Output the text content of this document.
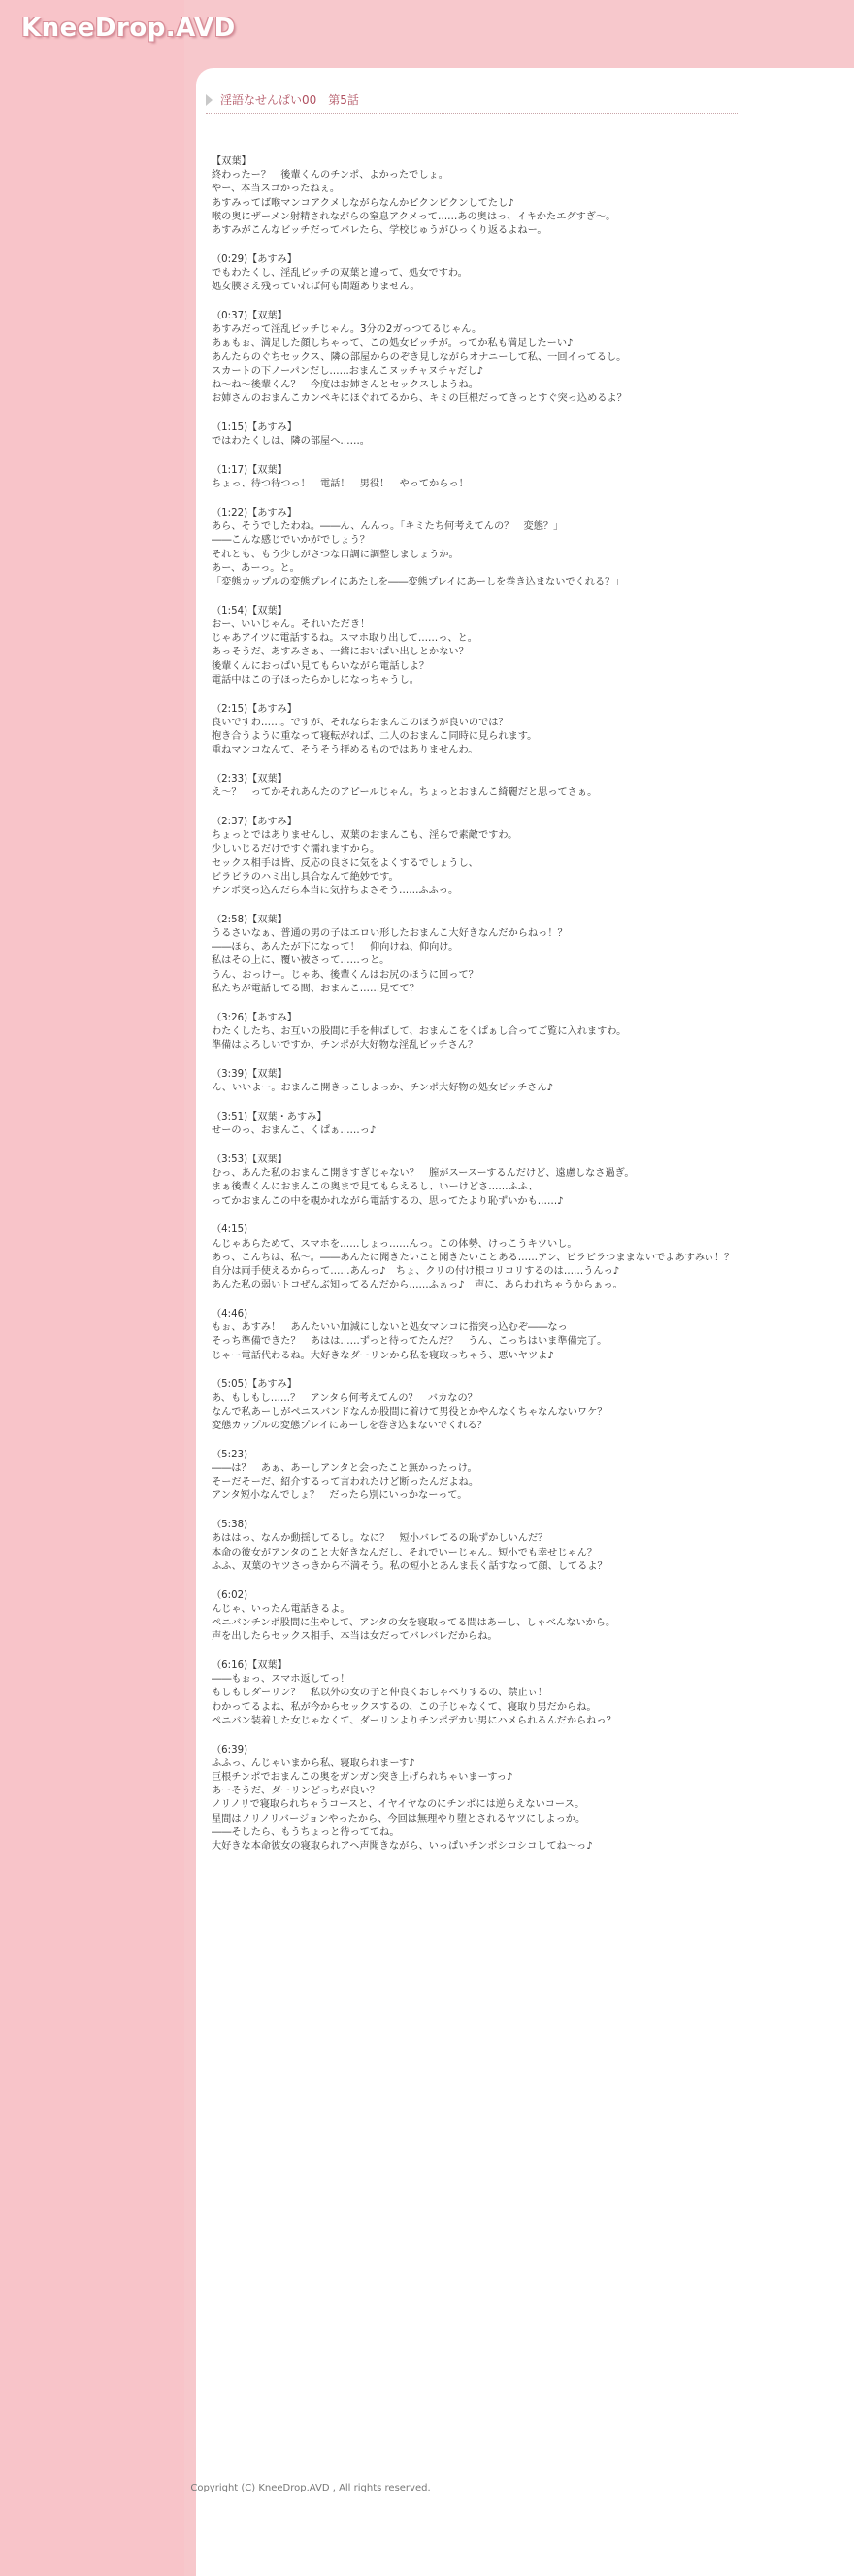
KneeDrop.AVD
淫語なせんぱい00　第5話
【双葉】
終わったー？　後輩くんのチンポ、よかったでしょ。
やー、本当スゴかったねぇ。
あすみってば喉マンコアクメしながらなんかピクンピクンしてたし♪
喉の奥にザーメン射精されながらの窒息アクメって……あの奥はっ、イキかたエグすぎ～。
あすみがこんなビッチだってバレたら、学校じゅうがひっくり返るよねー。
（0:29)【あすみ】
でもわたくし、淫乱ビッチの双葉と違って、処女ですわ。
処女膜さえ残っていれば何も問題ありません。
（0:37)【双葉】
あすみだって淫乱ビッチじゃん。3分の2ガっつてるじゃん。
あぁもぉ、満足した顔しちゃって、この処女ビッチが。ってか私も満足したーい♪
あんたらのぐちセックス、隣の部屋からのぞき見しながらオナニーして私、一回イってるし。
スカートの下ノーパンだし……おまんこヌッチャヌチャだし♪
ね～ね～後輩くん？　今度はお姉さんとセックスしようね。
お姉さんのおまんこカンペキにほぐれてるから、キミの巨根だってきっとすぐ突っ込めるよ？
（1:15)【あすみ】
ではわたくしは、隣の部屋へ……。
（1:17)【双葉】
ちょっ、待つ待つっ！　電話！　男役！　やってからっ！
（1:22)【あすみ】
あら、そうでしたわね。――ん、んんっ。「キミたち何考えてんの？　変態？」
――こんな感じでいかがでしょう？
それとも、もう少しがさつな口調に調整しましょうか。
あー、あーっ。と。
「変態カップルの変態プレイにあたしを――変態プレイにあーしを巻き込まないでくれる？」
（1:54)【双葉】
おー、いいじゃん。それいただき！
じゃあアイツに電話するね。スマホ取り出して……っ、と。
あっそうだ、あすみさぁ、一緒においぱい出しとかない？
後輩くんにおっぱい見てもらいながら電話しよ？
電話中はこの子ほったらかしになっちゃうし。
（2:15)【あすみ】
良いですわ……。ですが、それならおまんこのほうが良いのでは？
抱き合うように重なって寝転がれば、二人のおまんこ同時に見られます。
重ねマンコなんて、そうそう拝めるものではありませんわ。
（2:33)【双葉】
え～？　ってかそれあんたのアピールじゃん。ちょっとおまんこ綺麗だと思ってさぁ。
（2:37)【あすみ】
ちょっとではありませんし、双葉のおまんこも、淫らで素敵ですわ。
少しいじるだけですぐ濡れますから。
セックス相手は皆、反応の良さに気をよくするでしょうし、
ビラビラのハミ出し具合なんて絶妙です。
チンポ突っ込んだら本当に気持ちよさそう……ふふっ。
（2:58)【双葉】
うるさいなぁ、普通の男の子はエロい形したおまんこ大好きなんだからねっ！？
――ほら、あんたが下になって！　仰向けね、仰向け。
私はその上に、覆い被さって……っと。
うん、おっけー。じゃあ、後輩くんはお尻のほうに回って？
私たちが電話してる間、おまんこ……見てて？
（3:26)【あすみ】
わたくしたち、お互いの股間に手を伸ばして、おまんこをくぱぁし合ってご覧に入れますわ。
準備はよろしいですか、チンポが大好物な淫乱ビッチさん？
（3:39)【双葉】
ん、いいよー。おまんこ開きっこしよっか、チンポ大好物の処女ビッチさん♪
（3:51)【双葉・あすみ】
せーのっ、おまんこ、くぱぁ……っ♪
（3:53)【双葉】
むっ、あんた私のおまんこ開きすぎじゃない？　膣がスースーするんだけど、遠慮しなさ過ぎ。
まぁ後輩くんにおまんこの奥まで見てもらえるし、いーけどさ……ふふ、
ってかおまんこの中を覗かれながら電話するの、思ってたより恥ずいかも……♪
（4:15)
んじゃあらためて、スマホを……しょっ……んっ。この体勢、けっこうキツいし。
あっ、こんちは、私～。――あんたに聞きたいこと聞きたいことある……アン、ビラビラつままないでよあすみぃ！？
自分は両手使えるからって……あんっ♪　ちょ、クリの付け根コリコリするのは……うんっ♪
あんた私の弱いトコぜんぶ知ってるんだから……ふぁっ♪　声に、あらわれちゃうからぁっ。
（4:46)
もぉ、あすみ！　あんたいい加減にしないと処女マンコに指突っ込むぞ――なっ
そっち準備できた？　あはは……ずっと待ってたんだ？　うん、こっちはいま準備完了。
じゃー電話代わるね。大好きなダーリンから私を寝取っちゃう、悪いヤツよ♪
（5:05)【あすみ】
あ、もしもし……？　アンタら何考えてんの？　バカなの？
なんで私あーしがペニスバンドなんか股間に着けて男役とかやんなくちゃなんないワケ？
変態カップルの変態プレイにあーしを巻き込まないでくれる？
（5:23)
――は？　あぁ、あーしアンタと会ったこと無かったっけ。
そーだそーだ、紹介するって言われたけど断ったんだよね。
アンタ短小なんでしょ？　だったら別にいっかなーって。
（5:38)
あははっ、なんか動揺してるし。なに？　短小バレてるの恥ずかしいんだ？
本命の彼女がアンタのこと大好きなんだし、それでいーじゃん。短小でも幸せじゃん？
ふふ、双葉のヤツさっきから不満そう。私の短小とあんま長く話すなって顔、してるよ？
（6:02)
んじゃ、いったん電話きるよ。
ペニバンチンポ股間に生やして、アンタの女を寝取ってる間はあーし、しゃべんないから。
声を出したらセックス相手、本当は女だってバレバレだからね。
（6:16)【双葉】
――もぉっ、スマホ返してっ！
もしもしダーリン？　私以外の女の子と仲良くおしゃべりするの、禁止ぃ！
わかってるよね、私が今からセックスするの、この子じゃなくて、寝取り男だからね。
ペニバン装着した女じゃなくて、ダーリンよりチンポデカい男にハメられるんだからねっ？
（6:39)
ふふっ、んじゃいまから私、寝取られまーす♪
巨根チンポでおまんこの奥をガンガン突き上げられちゃいまーすっ♪
あーそうだ、ダーリンどっちが良い？
ノリノリで寝取られちゃうコースと、イヤイヤなのにチンポには逆らえないコース。
星間はノリノリバージョンやったから、今回は無理やり堕とされるヤツにしよっか。
――そしたら、もうちょっと待っててね。
大好きな本命彼女の寝取られアヘ声聞きながら、いっぱいチンポシコシコしてね～っ♪
Copyright (C) KneeDrop.AVD , All rights reserved.
